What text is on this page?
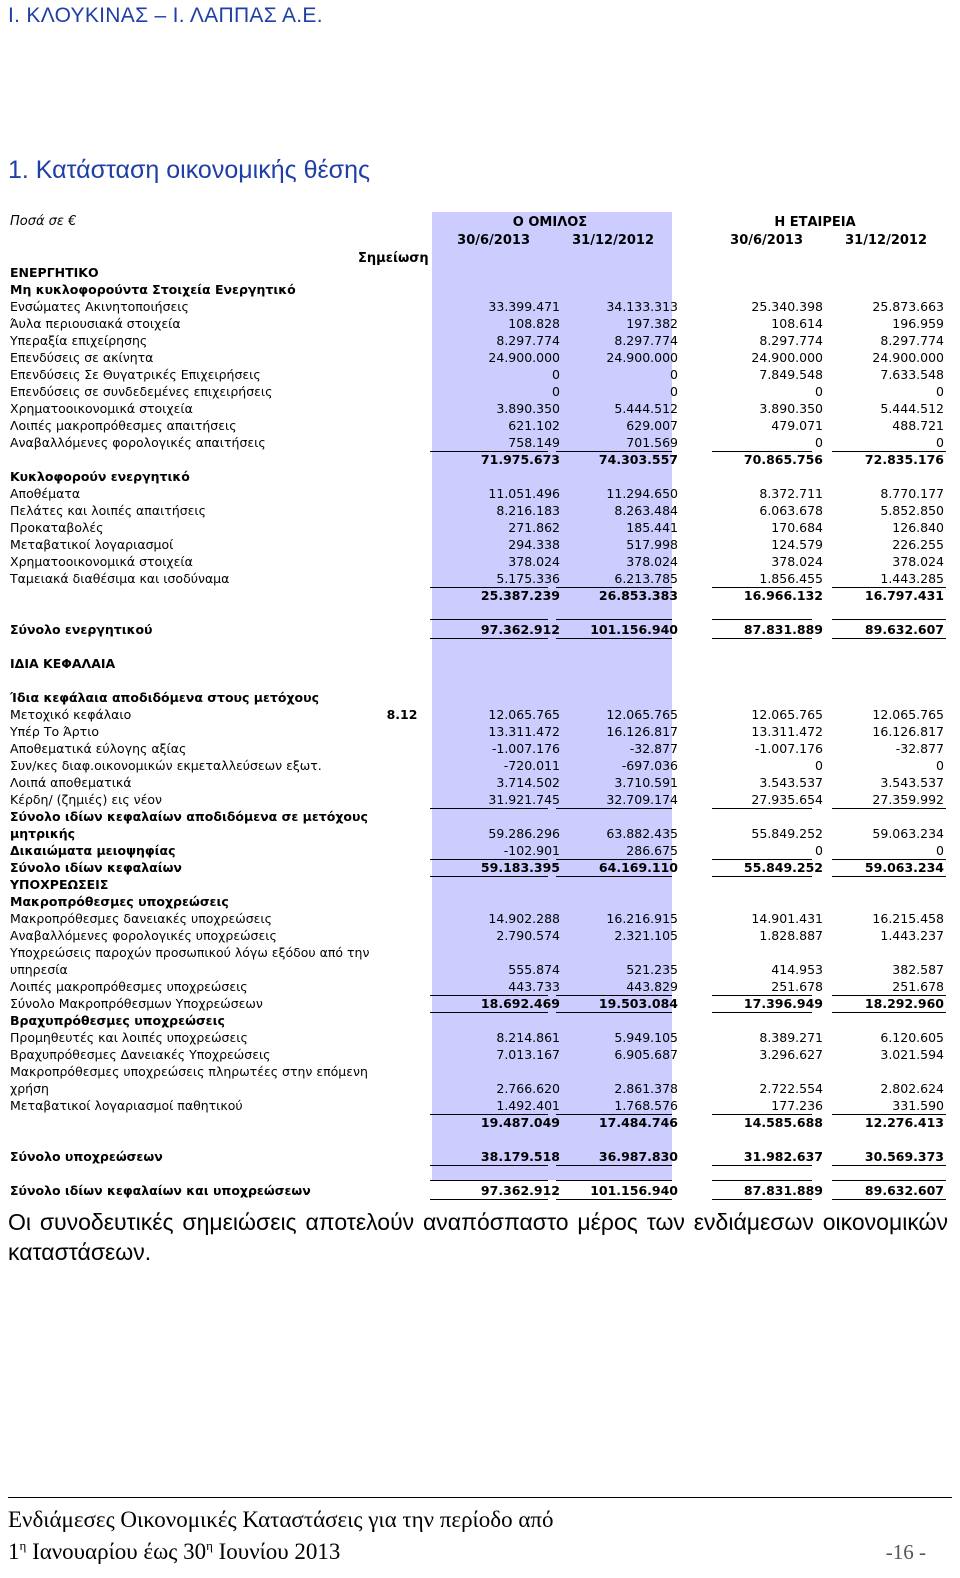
Ι. ΚΛΟΥΚΙΝΑΣ – Ι. ΛΑΠΠΑΣ Α.Ε.
1. Κατάσταση οικονομικής θέσης
Ποσά σε €	Ο ΟΜΙΛΟΣ	Η ΕΤΑΙΡΕΙΑ
30/6/2013	31/12/2012	30/6/2013	31/12/2012
Σημείωση
ΕΝΕΡΓΗΤΙΚΟ
Μη κυκλοφορούντα Στοιχεία Ενεργητικό
Ενσώματες Ακινητοποιήσεις	33.399.471	34.133.313	25.340.398	25.873.663
Άυλα περιουσιακά στοιχεία	108.828	197.382	108.614	196.959
Υπεραξία επιχείρησης	8.297.774	8.297.774	8.297.774	8.297.774
Επενδύσεις σε ακίνητα	24.900.000	24.900.000	24.900.000	24.900.000
Επενδύσεις Σε Θυγατρικές Επιχειρήσεις	0	0	7.849.548	7.633.548
Επενδύσεις σε συνδεδεμένες επιχειρήσεις	0	0	0	0
Χρηματοοικονομικά στοιχεία	3.890.350	5.444.512	3.890.350	5.444.512
Λοιπές μακροπρόθεσμες απαιτήσεις	621.102	629.007	479.071	488.721
Αναβαλλόμενες φορολογικές απαιτήσεις	758.149	701.569	0	0
71.975.673	74.303.557	70.865.756	72.835.176
Κυκλοφορούν ενεργητικό
Αποθέματα	11.051.496	11.294.650	8.372.711	8.770.177
Πελάτες και λοιπές απαιτήσεις	8.216.183	8.263.484	6.063.678	5.852.850
Προκαταβολές	271.862	185.441	170.684	126.840
Μεταβατικοί λογαριασμοί	294.338	517.998	124.579	226.255
Χρηματοοικονομικά στοιχεία	378.024	378.024	378.024	378.024
Ταμειακά διαθέσιμα και ισοδύναμα	5.175.336	6.213.785	1.856.455	1.443.285
25.387.239	26.853.383	16.966.132	16.797.431
Σύνολο ενεργητικού	97.362.912 101.156.940	87.831.889	89.632.607
ΙΔΙΑ ΚΕΦΑΛΑΙΑ
Ίδια κεφάλαια αποδιδόμενα στους μετόχους
Μετοχικό κεφάλαιο	8.12	12.065.765	12.065.765	12.065.765	12.065.765
Υπέρ Το Άρτιο	13.311.472	16.126.817	13.311.472	16.126.817
Αποθεματικά εύλογης αξίας	-1.007.176	-32.877	-1.007.176	-32.877
Συν/κες διαφ.οικονομικών εκμεταλλεύσεων εξωτ.	-720.011	-697.036	0	0
Λοιπά αποθεματικά	3.714.502	3.710.591	3.543.537	3.543.537
Κέρδη/ (ζημιές) εις νέον	31.921.745	32.709.174	27.935.654	27.359.992
Σύνολο ιδίων κεφαλαίων αποδιδόμενα σε μετόχους
μητρικής	59.286.296	63.882.435	55.849.252	59.063.234
Δικαιώματα μειοψηφίας	-102.901	286.675	0	0
Σύνολο ιδίων κεφαλαίων	59.183.395	64.169.110	55.849.252	59.063.234
ΥΠΟΧΡΕΩΣΕΙΣ
Μακροπρόθεσμες υποχρεώσεις
Μακροπρόθεσμες δανειακές υποχρεώσεις	14.902.288	16.216.915	14.901.431	16.215.458
Αναβαλλόμενες φορολογικές υποχρεώσεις	2.790.574	2.321.105	1.828.887	1.443.237
Υποχρεώσεις παροχών προσωπικού λόγω εξόδου από την
υπηρεσία	555.874	521.235	414.953	382.587
Λοιπές μακροπρόθεσμες υποχρεώσεις	443.733	443.829	251.678	251.678
Σύνολο Μακροπρόθεσμων Υποχρεώσεων	18.692.469	19.503.084	17.396.949	18.292.960
Βραχυπρόθεσμες υποχρεώσεις
Προμηθευτές και λοιπές υποχρεώσεις	8.214.861	5.949.105	8.389.271	6.120.605
Βραχυπρόθεσμες Δανειακές Υποχρεώσεις	7.013.167	6.905.687	3.296.627	3.021.594
Μακροπρόθεσμες υποχρεώσεις πληρωτέες στην επόμενη
χρήση	2.766.620	2.861.378	2.722.554	2.802.624
Μεταβατικοί λογαριασμοί παθητικού	1.492.401	1.768.576	177.236	331.590
19.487.049	17.484.746	14.585.688	12.276.413
Σύνολο υποχρεώσεων	38.179.518	36.987.830	31.982.637	30.569.373
Σύνολο ιδίων κεφαλαίων και υποχρεώσεων	97.362.912 101.156.940	87.831.889	89.632.607
Οι συνοδευτικές σημειώσεις αποτελούν αναπόσπαστο μέρος των ενδιάμεσων οικονομικών καταστάσεων.
Ενδιάμεσες Οικονομικές Καταστάσεις για την περίοδο από
$1^\eta$ Ιανουαρίου έως $30^\eta$ Ιουνίου 2013	-16 -
